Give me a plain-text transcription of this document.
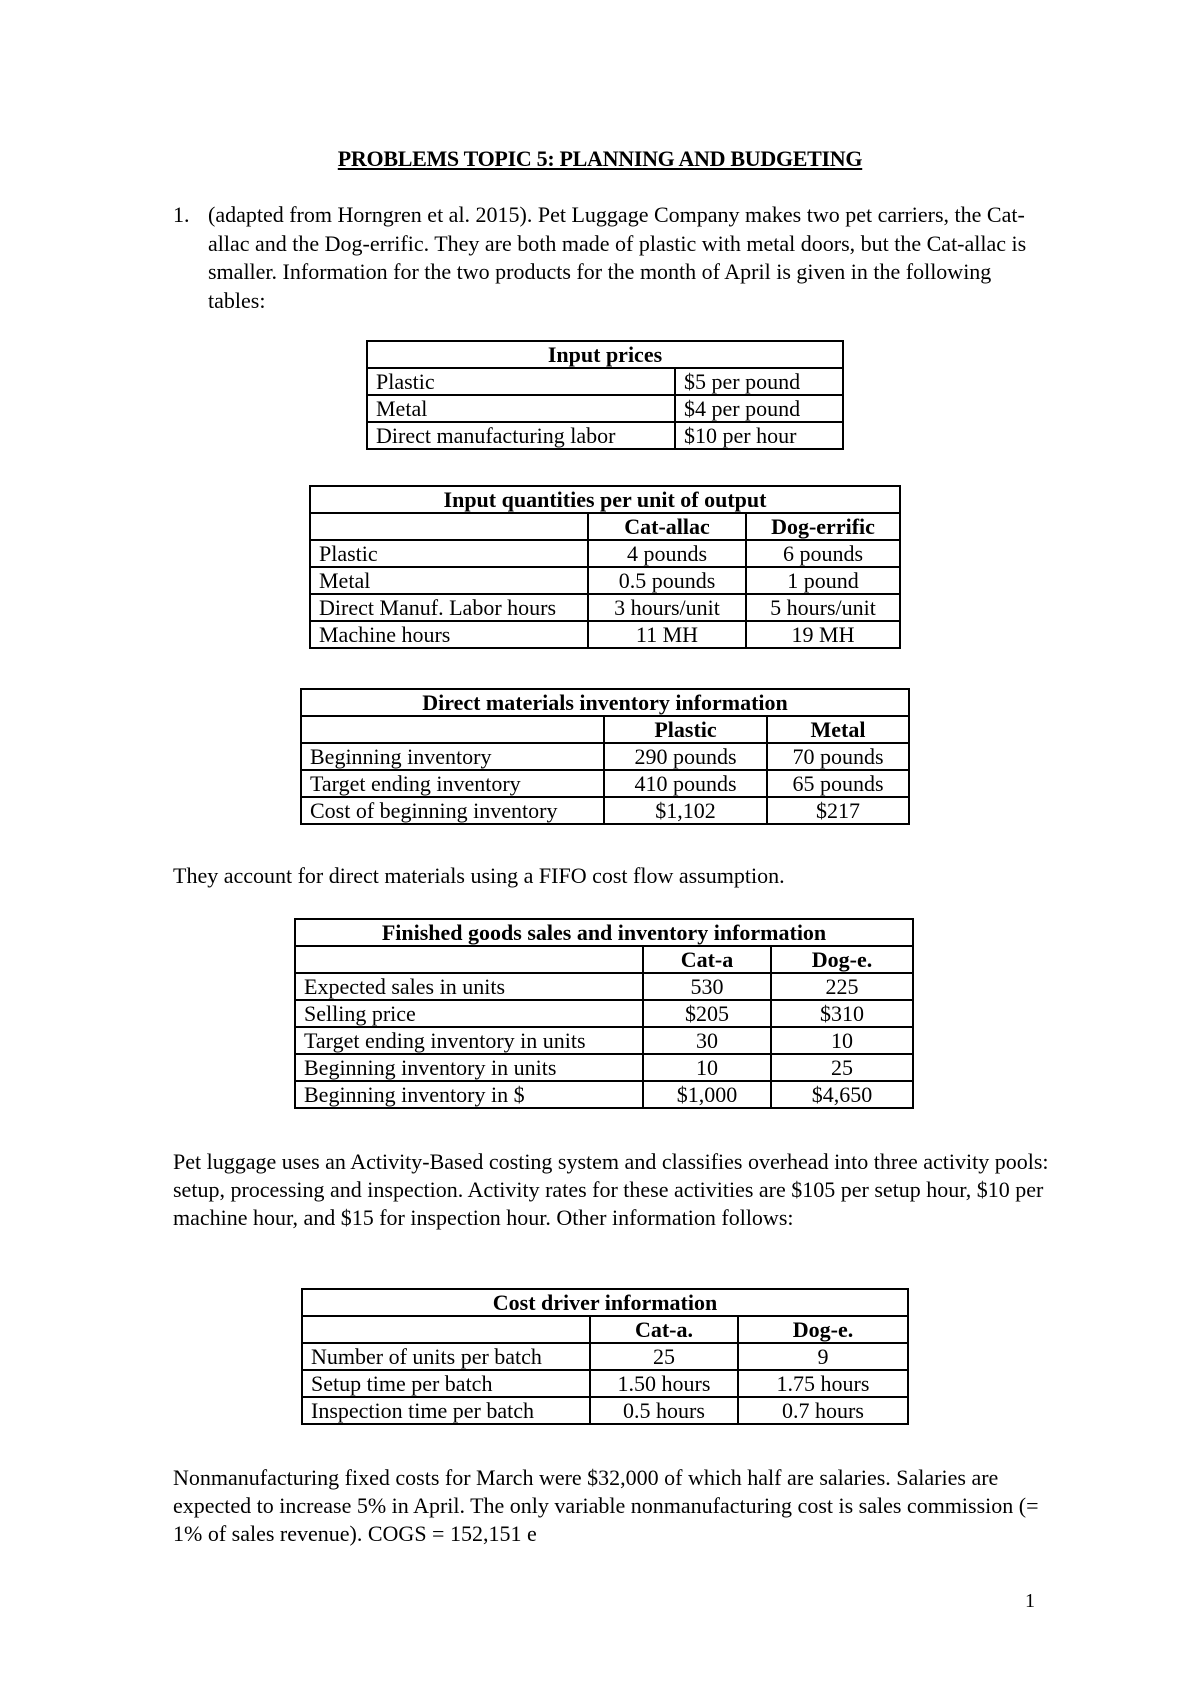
PROBLEMS TOPIC 5: PLANNING AND BUDGETING
1. (adapted from Horngren et al. 2015). Pet Luggage Company makes two pet carriers, the Cat-allac and the Dog-errific. They are both made of plastic with metal doors, but the Cat-allac is smaller. Information for the two products for the month of April is given in the following tables:
Input prices	
Plastic	$5 per pound
Metal	$4 per pound
Direct manufacturing labor	$10 per hour
Input quantities per unit of output		
	Cat-allac	Dog-errific
Plastic	4 pounds	6 pounds
Metal	0.5 pounds	1 pound
Direct Manuf. Labor hours	3 hours/unit	5 hours/unit
Machine hours	11 MH	19 MH
Direct materials inventory information		
	Plastic	Metal
Beginning inventory	290 pounds	70 pounds
Target ending inventory	410 pounds	65 pounds
Cost of beginning inventory	$1,102	$217
They account for direct materials using a FIFO cost flow assumption.
Finished goods sales and inventory information		
	Cat-a	Dog-e.
Expected sales in units	530	225
Selling price	$205	$310
Target ending inventory in units	30	10
Beginning inventory in units	10	25
Beginning inventory in $	$1,000	$4,650
Pet luggage uses an Activity-Based costing system and classifies overhead into three activity pools: setup, processing and inspection. Activity rates for these activities are $105 per setup hour, $10 per machine hour, and $15 for inspection hour. Other information follows:
Cost driver information		
	Cat-a.	Dog-e.
Number of units per batch	25	9
Setup time per batch	1.50 hours	1.75 hours
Inspection time per batch	0.5 hours	0.7 hours
Nonmanufacturing fixed costs for March were $32,000 of which half are salaries. Salaries are expected to increase 5% in April. The only variable nonmanufacturing cost is sales commission (= 1% of sales revenue). COGS = 152,151 e
1
